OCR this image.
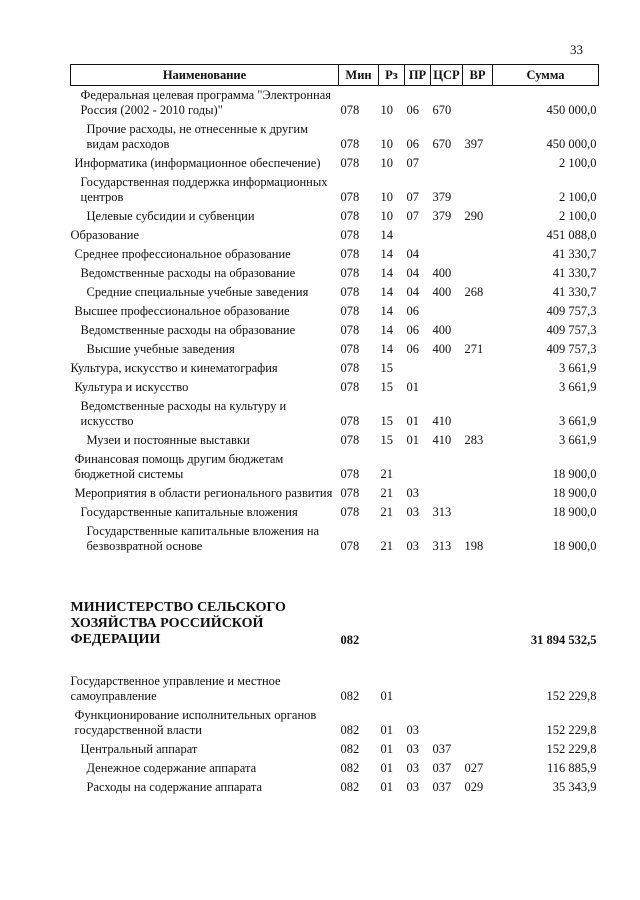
33
Наименование	Мин	Рз	ПР	ЦСР	ВР	Сумма
Федеральная целевая программа "Электронная Россия (2002 - 2010 годы)"	078	10	06	670		450 000,0
Прочие расходы, не отнесенные к другим видам расходов	078	10	06	670	397	450 000,0
Информатика (информационное обеспечение)	078	10	07			2 100,0
Государственная поддержка информационных центров	078	10	07	379		2 100,0
Целевые субсидии и субвенции	078	10	07	379	290	2 100,0
Образование	078	14				451 088,0
Среднее профессиональное образование	078	14	04			41 330,7
Ведомственные расходы на образование	078	14	04	400		41 330,7
Средние специальные учебные заведения	078	14	04	400	268	41 330,7
Высшее профессиональное образование	078	14	06			409 757,3
Ведомственные расходы на образование	078	14	06	400		409 757,3
Высшие учебные заведения	078	14	06	400	271	409 757,3
Культура, искусство и кинематография	078	15				3 661,9
Культура и искусство	078	15	01			3 661,9
Ведомственные расходы на культуру и искусство	078	15	01	410		3 661,9
Музеи и постоянные выставки	078	15	01	410	283	3 661,9
Финансовая помощь другим бюджетам бюджетной системы	078	21				18 900,0
Мероприятия в области регионального развития	078	21	03			18 900,0
Государственные капитальные вложения	078	21	03	313		18 900,0
Государственные капитальные вложения на безвозвратной основе	078	21	03	313	198	18 900,0
МИНИСТЕРСТВО СЕЛЬСКОГО ХОЗЯЙСТВА РОССИЙСКОЙ ФЕДЕРАЦИИ	082					31 894 532,5
Государственное управление и местное самоуправление	082	01				152 229,8
Функционирование исполнительных органов государственной власти	082	01	03			152 229,8
Центральный аппарат	082	01	03	037		152 229,8
Денежное содержание аппарата	082	01	03	037	027	116 885,9
Расходы на содержание аппарата	082	01	03	037	029	35 343,9
